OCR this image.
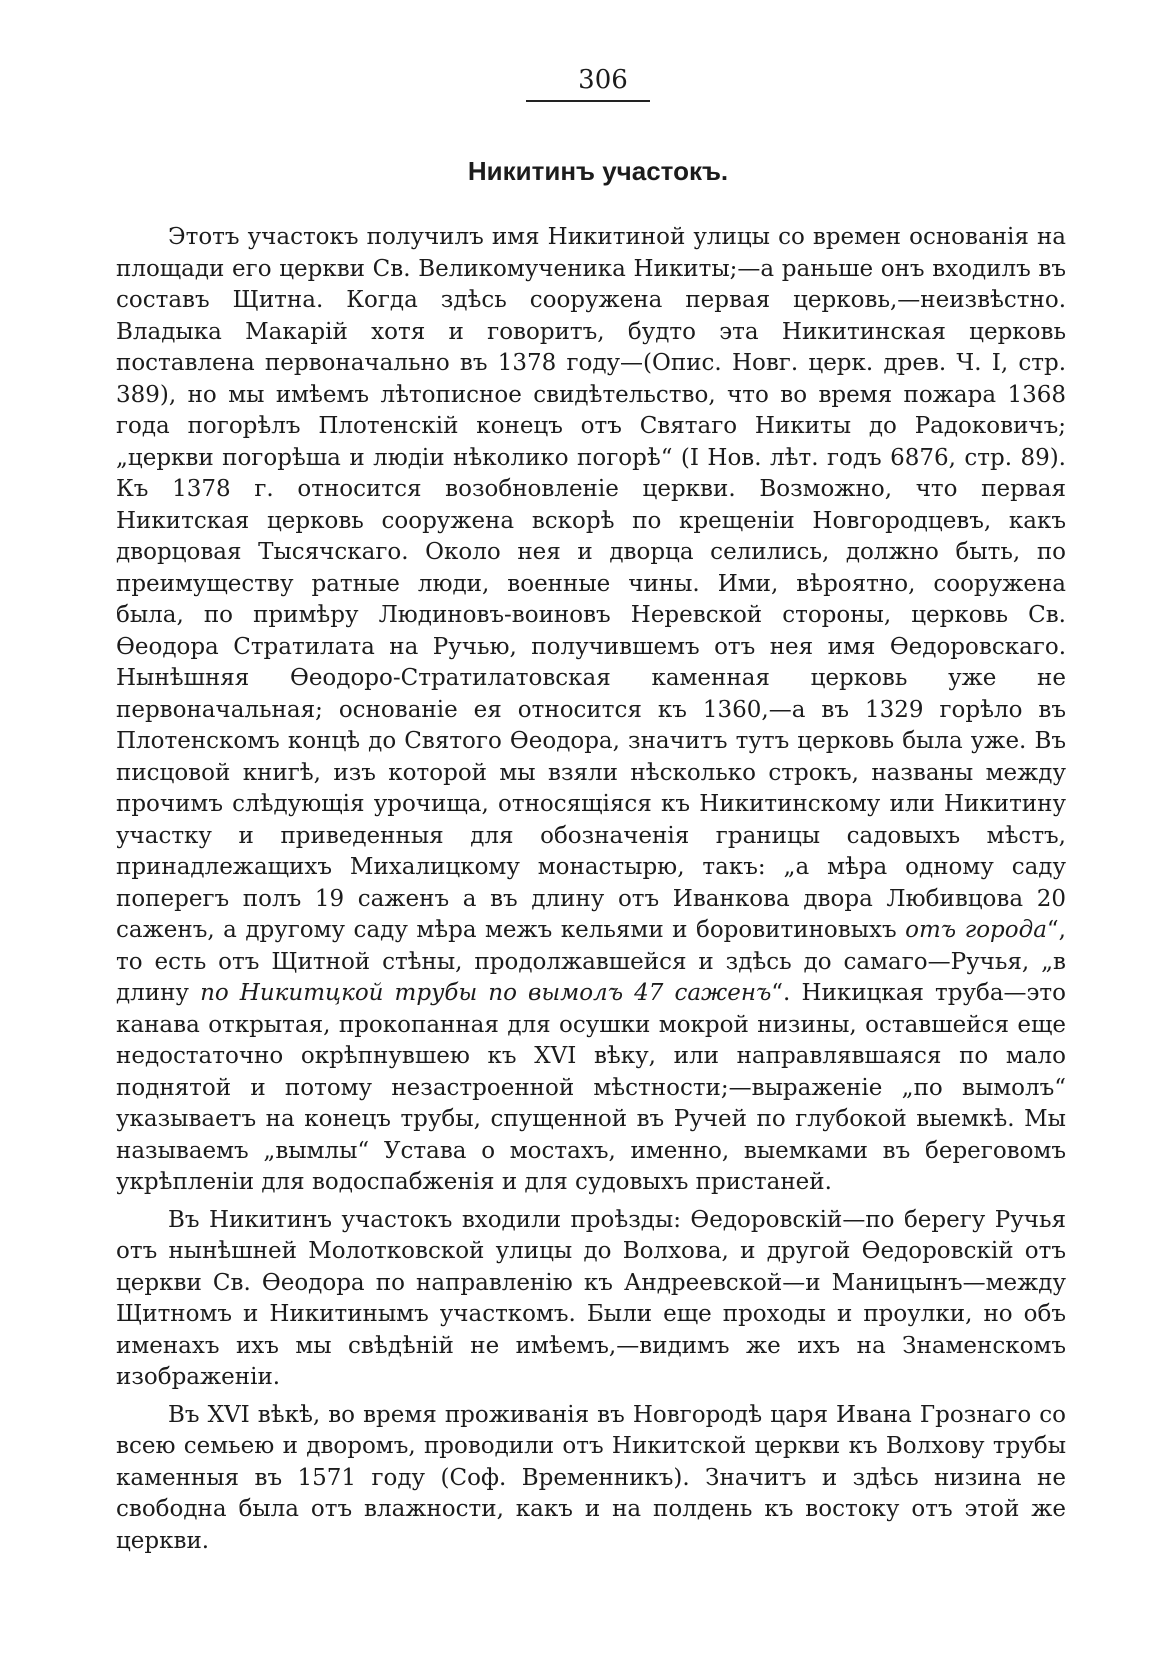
306
Никитинъ участокъ.

Этотъ участокъ получилъ имя Никитиной улицы со времен основанія на площади его церкви Св. Великомученика Никиты;—а раньше онъ входилъ въ составъ Щитна. Когда здѣсь сооружена первая церковь,—неизвѣстно. Владыка Макарій хотя и говоритъ, будто эта Никитинская церковь поставлена первоначально въ 1378 году—(Опис. Новг. церк. древ. Ч. I, стр. 389), но мы имѣемъ лѣтописное свидѣтельство, что во время пожара 1368 года погорѣлъ Плотенскій конецъ отъ Святаго Никиты до Радоковичъ; „церкви погорѣша и людіи нѣколико погорѣ“ (I Нов. лѣт. годъ 6876, стр. 89). Къ 1378 г. относится возобновленіе церкви. Возможно, что первая Никитская церковь сооружена вскорѣ по крещеніи Новгородцевъ, какъ дворцовая Тысячскаго. Около нея и дворца селились, должно быть, по преимуществу ратные люди, военные чины. Ими, вѣроятно, сооружена была, по примѣру Людиновъ-воиновъ Неревской стороны, церковь Св. Ѳеодора Стратилата на Ручью, получившемъ отъ нея имя Ѳедоровскаго. Нынѣшняя Ѳеодоро-Стратилатовская каменная церковь уже не первоначальная; основаніе ея относится къ 1360,—а въ 1329 горѣло въ Плотенскомъ концѣ до Святого Ѳеодора, значитъ тутъ церковь была уже. Въ писцовой книгѣ, изъ которой мы взяли нѣсколько строкъ, названы между прочимъ слѣдующія урочища, относящіяся къ Никитинскому или Никитину участку и приведенныя для обозначенія границы садовыхъ мѣстъ, принадлежащихъ Михалицкому монастырю, такъ: „а мѣра одному саду поперегъ полъ 19 саженъ а въ длину отъ Иванкова двора Любивцова 20 саженъ, а другому саду мѣра межъ кельями и боровитиновыхъ отъ города“, то есть отъ Щитной стѣны, продолжавшейся и здѣсь до самаго—Ручья, „в длину по Никитцкой трубы по вымолъ 47 саженъ“. Никицкая труба—это канава открытая, прокопанная для осушки мокрой низины, оставшейся еще недостаточно окрѣпнувшею къ XVI вѣку, или направлявшаяся по мало поднятой и потому незастроенной мѣстности;—выраженіе „по вымолъ“ указываетъ на конецъ трубы, спущенной въ Ручей по глубокой выемкѣ. Мы называемъ „вымлы“ Устава о мостахъ, именно, выемками въ береговомъ укрѣпленіи для водоспабженія и для судовыхъ пристаней.

Въ Никитинъ участокъ входили проѣзды: Ѳедоровскій—по берегу Ручья отъ нынѣшней Молотковской улицы до Волхова, и другой Ѳедоровскій отъ церкви Св. Ѳеодора по направленію къ Андреевской—и Маницынъ—между Щитномъ и Никитинымъ участкомъ. Были еще проходы и проулки, но объ именахъ ихъ мы свѣдѣній не имѣемъ,—видимъ же ихъ на Знаменскомъ изображеніи.

Въ XVI вѣкѣ, во время проживанія въ Новгородѣ царя Ивана Грознаго со всею семьею и дворомъ, проводили отъ Никитской церкви къ Волхову трубы каменныя въ 1571 году (Соф. Временникъ). Значитъ и здѣсь низина не свободна была отъ влажности, какъ и на полдень къ востоку отъ этой же церкви.
